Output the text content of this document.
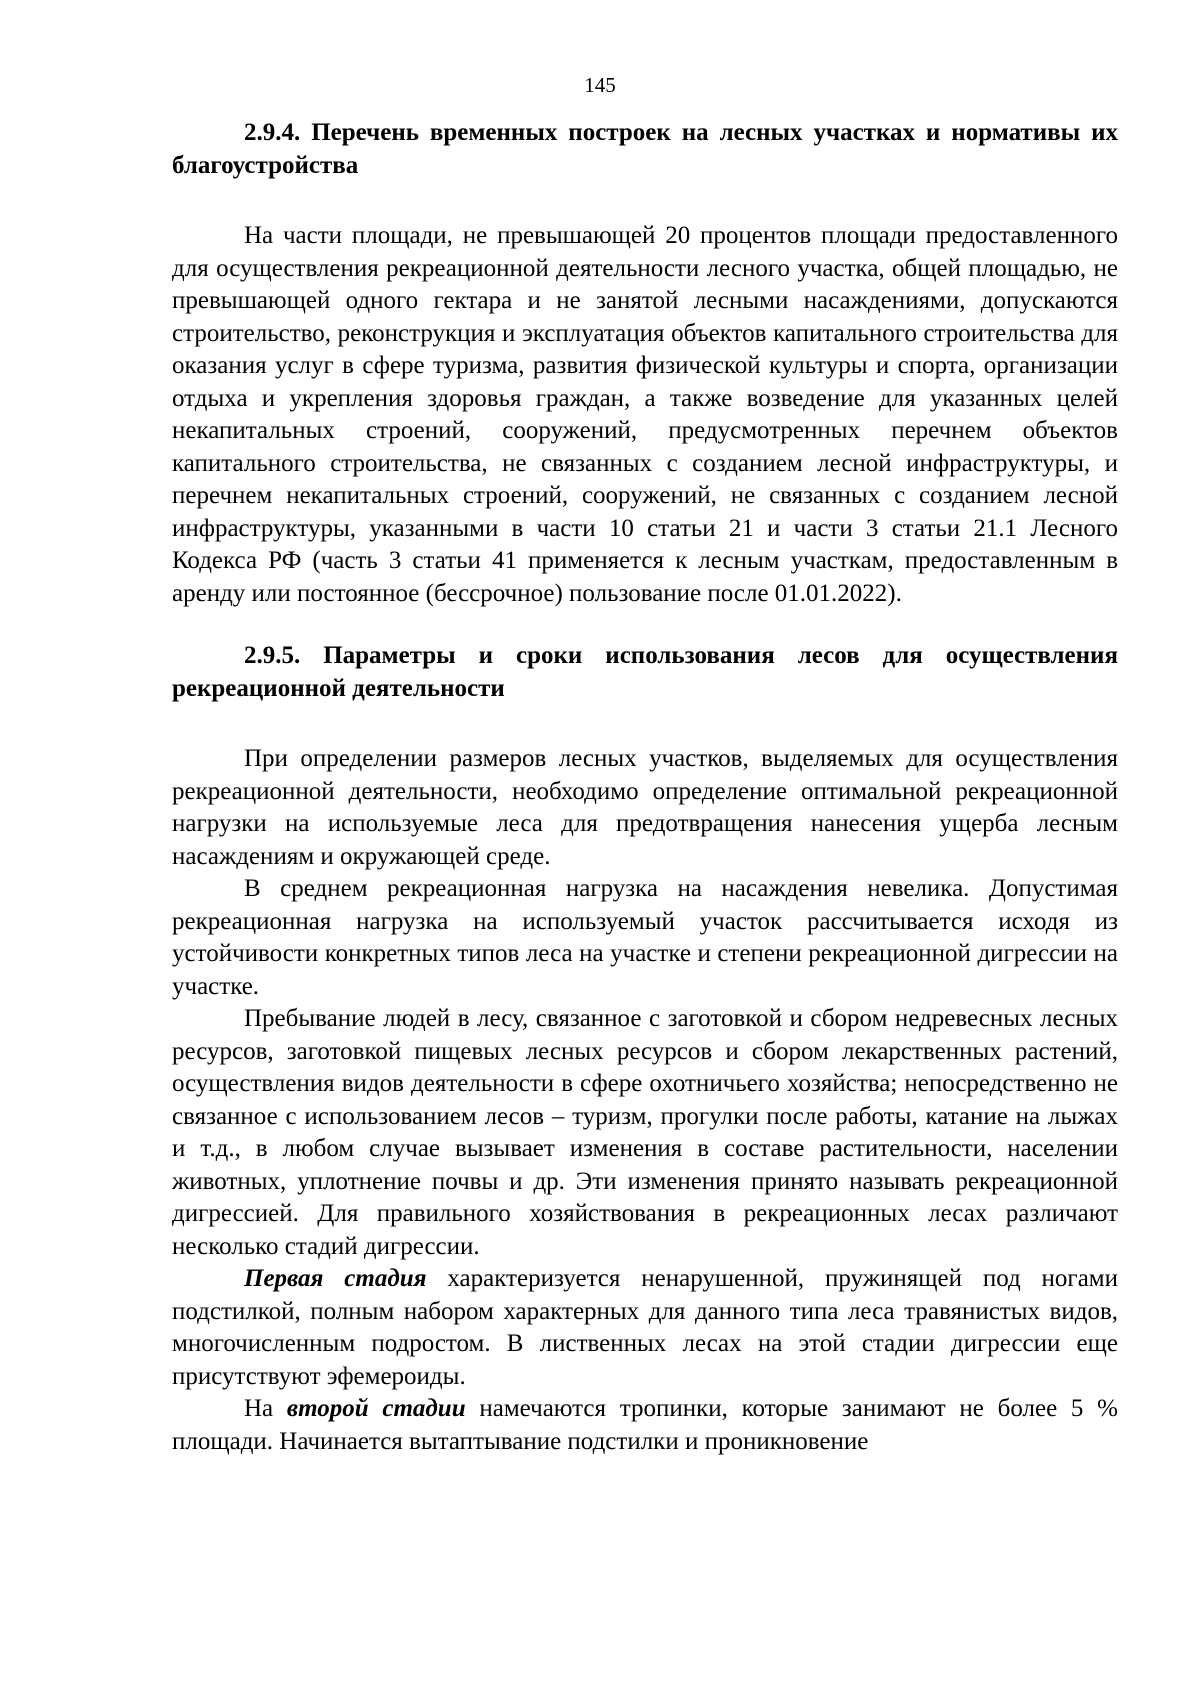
145
2.9.4. Перечень временных построек на лесных участках и нормативы их благоустройства

На части площади, не превышающей 20 процентов площади предоставленного для осуществления рекреационной деятельности лесного участка, общей площадью, не превышающей одного гектара и не занятой лесными насаждениями, допускаются строительство, реконструкция и эксплуатация объектов капитального строительства для оказания услуг в сфере туризма, развития физической культуры и спорта, организации отдыха и укрепления здоровья граждан, а также возведение для указанных целей некапитальных строений, сооружений, предусмотренных перечнем объектов капитального строительства, не связанных с созданием лесной инфраструктуры, и перечнем некапитальных строений, сооружений, не связанных с созданием лесной инфраструктуры, указанными в части 10 статьи 21 и части 3 статьи 21.1 Лесного Кодекса РФ (часть 3 статьи 41 применяется к лесным участкам, предоставленным в аренду или постоянное (бессрочное) пользование после 01.01.2022).

2.9.5. Параметры и сроки использования лесов для осуществления рекреационной деятельности

При определении размеров лесных участков, выделяемых для осуществления рекреационной деятельности, необходимо определение оптимальной рекреационной нагрузки на используемые леса для предотвращения нанесения ущерба лесным насаждениям и окружающей среде.

В среднем рекреационная нагрузка на насаждения невелика. Допустимая рекреационная нагрузка на используемый участок рассчитывается исходя из устойчивости конкретных типов леса на участке и степени рекреационной дигрессии на участке.

Пребывание людей в лесу, связанное с заготовкой и сбором недревесных лесных ресурсов, заготовкой пищевых лесных ресурсов и сбором лекарственных растений, осуществления видов деятельности в сфере охотничьего хозяйства; непосредственно не связанное с использованием лесов – туризм, прогулки после работы, катание на лыжах и т.д., в любом случае вызывает изменения в составе растительности, населении животных, уплотнение почвы и др. Эти изменения принято называть рекреационной дигрессией. Для правильного хозяйствования в рекреационных лесах различают несколько стадий дигрессии.

Первая стадия характеризуется ненарушенной, пружинящей под ногами подстилкой, полным набором характерных для данного типа леса травянистых видов, многочисленным подростом. В лиственных лесах на этой стадии дигрессии еще присутствуют эфемероиды.

На второй стадии намечаются тропинки, которые занимают не более 5 % площади. Начинается вытаптывание подстилки и проникновение
